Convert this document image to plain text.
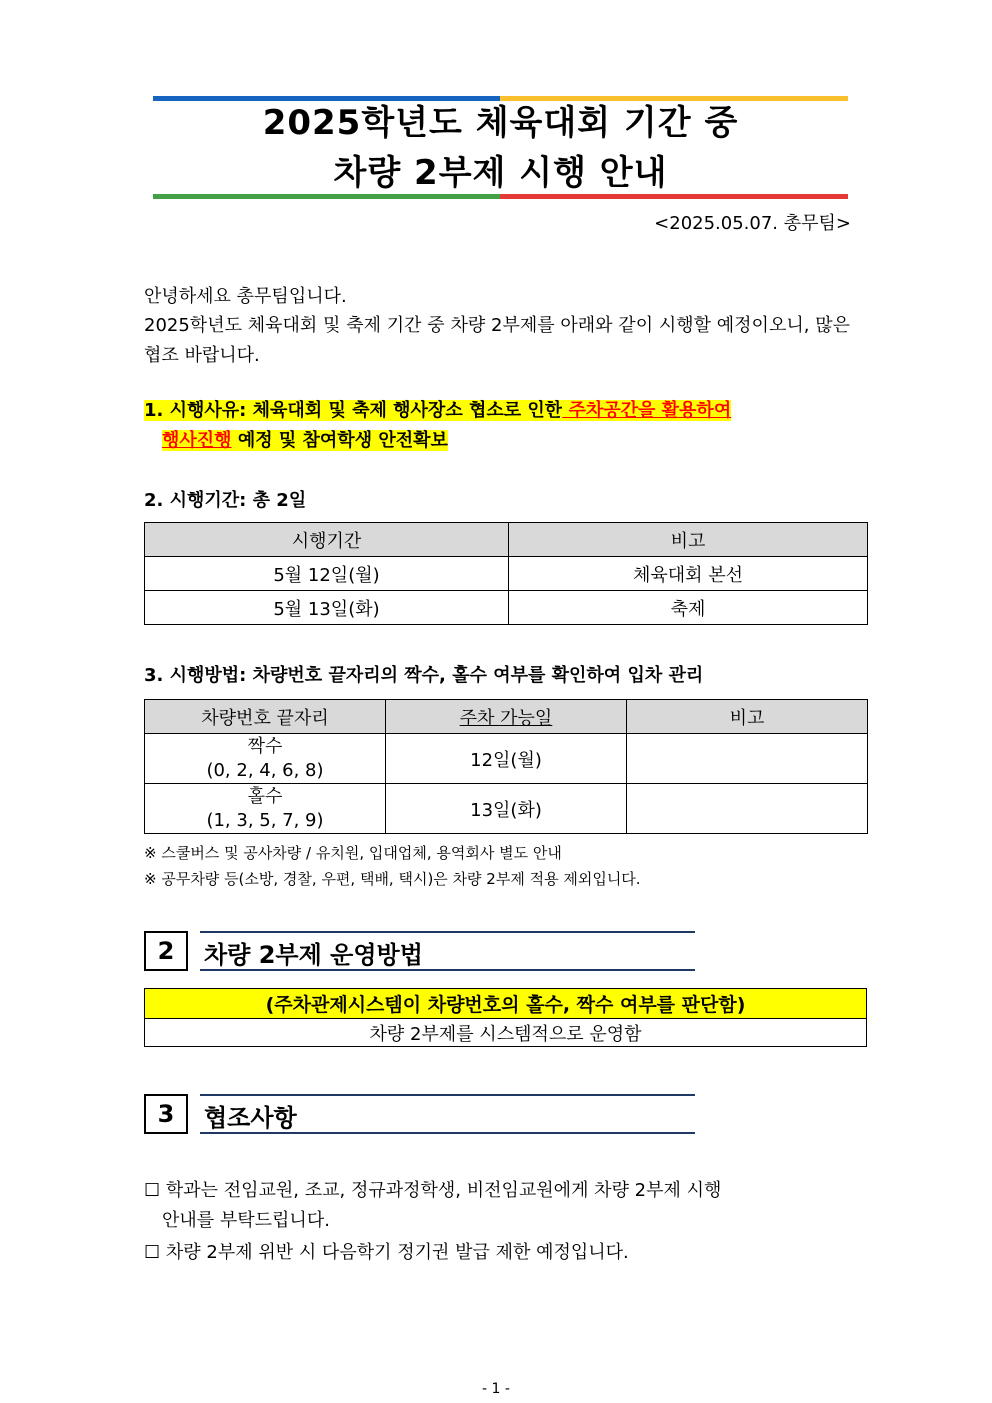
2025학년도 체육대회 기간 중
차량 2부제 시행 안내
<2025.05.07. 총무팀>
안녕하세요 총무팀입니다.
2025학년도 체육대회 및 축제 기간 중 차량 2부제를 아래와 같이 시행할 예정이오니, 많은 협조 바랍니다.
1. 시행사유: 체육대회 및 축제 행사장소 협소로 인한 주차공간을 활용하여
행사진행 예정 및 참여학생 안전확보
2. 시행기간: 총 2일
시행기간	비고
5월 12일(월)	체육대회 본선
5월 13일(화)	축제
3. 시행방법: 차량번호 끝자리의 짝수, 홀수 여부를 확인하여 입차 관리
차량번호 끝자리	주차 가능일	비고

짝수
(0, 2, 4, 6, 8)	12일(월)	

홀수
(1, 3, 5, 7, 9)	13일(화)	
※ 스쿨버스 및 공사차량 / 유치원, 입대업체, 용역회사 별도 안내
※ 공무차량 등(소방, 경찰, 우편, 택배, 택시)은 차량 2부제 적용 제외입니다.
2	차량 2부제 운영방법
(주차관제시스템이 차량번호의 홀수, 짝수 여부를 판단함)
차량 2부제를 시스템적으로 운영함
3	협조사항
☐ 학과는 전임교원, 조교, 정규과정학생, 비전임교원에게 차량 2부제 시행
안내를 부탁드립니다.
☐ 차량 2부제 위반 시 다음학기 정기권 발급 제한 예정입니다.
- 1 -
